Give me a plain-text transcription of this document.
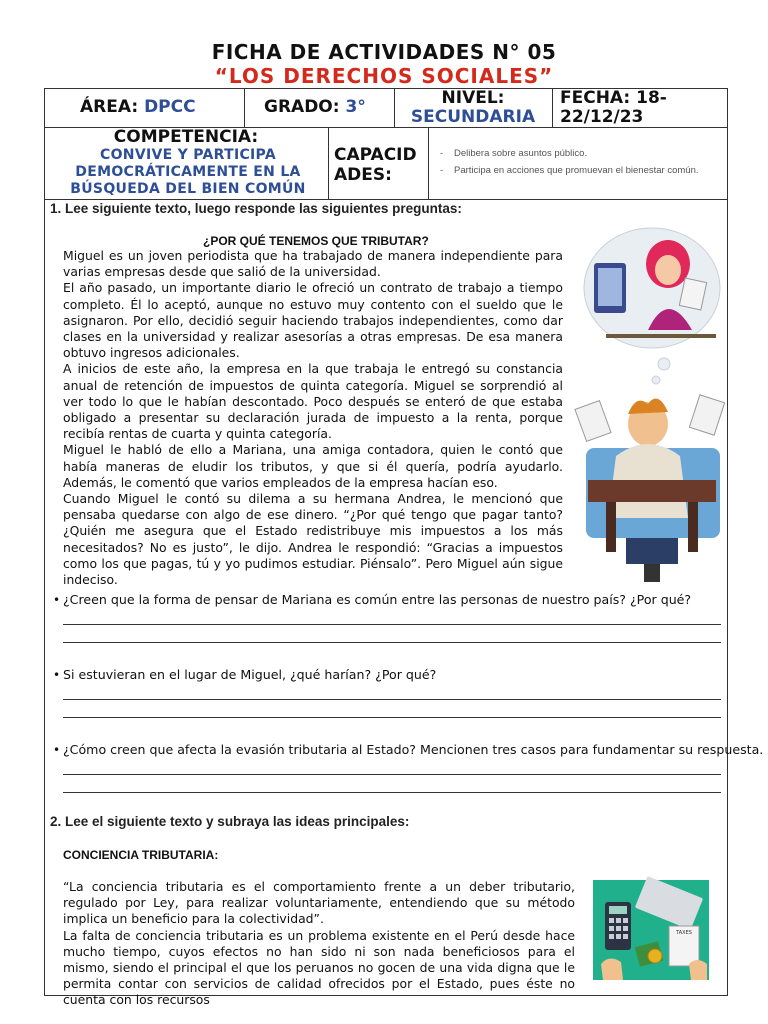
FICHA DE ACTIVIDADES N° 05
“LOS DERECHOS SOCIALES”
ÁREA: DPCC	GRADO: 3°	NIVEL:
SECUNDARIA
FECHA: 18-
22/12/23
COMPETENCIA:
CONVIVE Y PARTICIPA
DEMOCRÁTICAMENTE EN LA
BÚSQUEDA DEL BIEN COMÚN
CAPACID
ADES:
- Delibera sobre asuntos público.
- Participa en acciones que promuevan el bienestar común.
1. Lee siguiente texto, luego responde las siguientes preguntas:
¿POR QUÉ TENEMOS QUE TRIBUTAR?

Miguel es un joven periodista que ha trabajado de manera independiente para varias empresas desde que salió de la universidad.

El año pasado, un importante diario le ofreció un contrato de trabajo a tiempo completo. Él lo aceptó, aunque no estuvo muy contento con el sueldo que le asignaron. Por ello, decidió seguir haciendo trabajos independientes, como dar clases en la universidad y realizar asesorías a otras empresas. De esa manera obtuvo ingresos adicionales.

A inicios de este año, la empresa en la que trabaja le entregó su constancia anual de retención de impuestos de quinta categoría. Miguel se sorprendió al ver todo lo que le habían descontado. Poco después se enteró de que estaba obligado a presentar su declaración jurada de impuesto a la renta, porque recibía rentas de cuarta y quinta categoría.

Miguel le habló de ello a Mariana, una amiga contadora, quien le contó que había maneras de eludir los tributos, y que si él quería, podría ayudarlo. Además, le comentó que varios empleados de la empresa hacían eso.

Cuando Miguel le contó su dilema a su hermana Andrea, le mencionó que pensaba quedarse con algo de ese dinero. “¿Por qué tengo que pagar tanto? ¿Quién me asegura que el Estado redistribuye mis impuestos a los más necesitados? No es justo”, le dijo. Andrea le respondió: “Gracias a impuestos como los que pagas, tú y yo pudimos estudiar. Piénsalo”. Pero Miguel aún sigue indeciso.

• ¿Creen que la forma de pensar de Mariana es común entre las personas de nuestro país? ¿Por qué?
• Si estuvieran en el lugar de Miguel, ¿qué harían? ¿Por qué?
• ¿Cómo creen que afecta la evasión tributaria al Estado? Mencionen tres casos para fundamentar su respuesta.
2. Lee el siguiente texto y subraya las ideas principales:
CONCIENCIA TRIBUTARIA:

“La conciencia tributaria es el comportamiento frente a un deber tributario, regulado por Ley, para realizar voluntariamente, entendiendo que su método implica un beneficio para la colectividad”.

La falta de conciencia tributaria es un problema existente en el Perú desde hace mucho tiempo, cuyos efectos no han sido ni son nada beneficiosos para el mismo, siendo el principal el que los peruanos no gocen de una vida digna que le permita contar con servicios de calidad ofrecidos por el Estado, pues éste no cuenta con los recursos

TAXES
